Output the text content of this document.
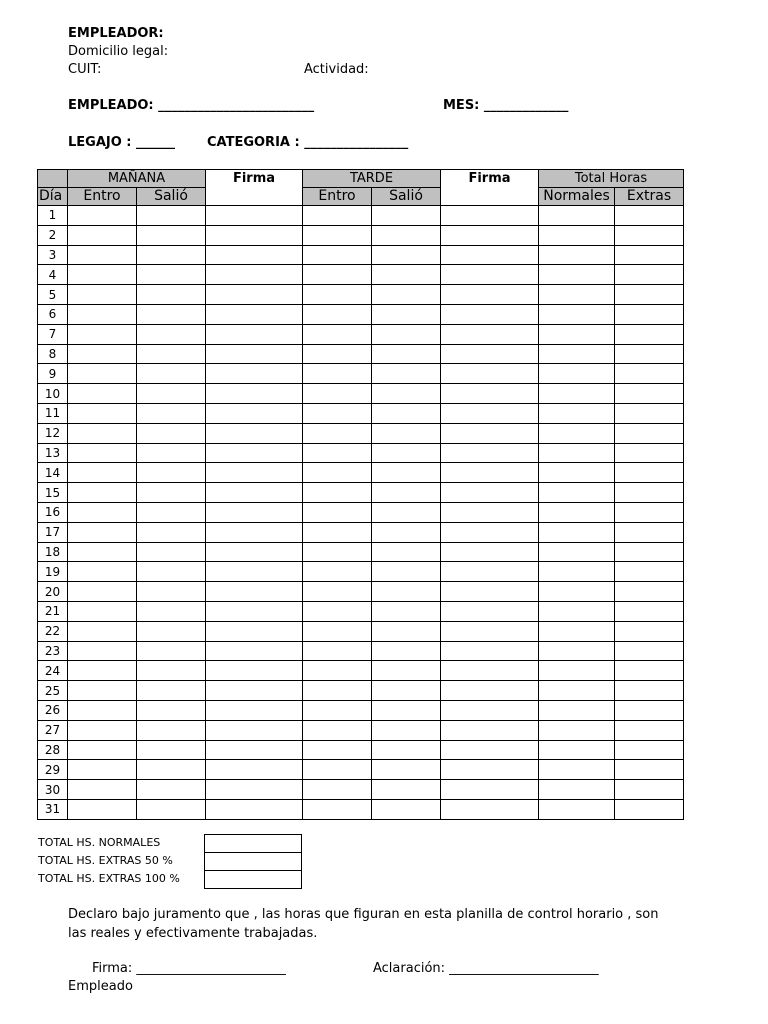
EMPLEADOR:
Domicilio legal:
CUIT:	Actividad:
EMPLEADO: ________________________	MES: _____________
LEGAJO : ______ CATEGORIA : ________________
	MAÑANA		Firma	TARDE		Firma	Total Horas	
Día	Entro	Salió		Entro	Salió		Normales	Extras
1								
2								
3								
4								
5								
6								
7								
8								
9								
10								
11								
12								
13								
14								
15								
16								
17								
18								
19								
20								
21								
22								
23								
24								
25								
26								
27								
28								
29								
30								
31								
TOTAL HS. NORMALES
TOTAL HS. EXTRAS 50 %
TOTAL HS. EXTRAS 100 %

Declaro bajo juramento que , las horas que figuran en esta planilla de control horario , son
las reales y efectivamente trabajadas.
Firma: _______________________	Aclaración: _______________________
Empleado
